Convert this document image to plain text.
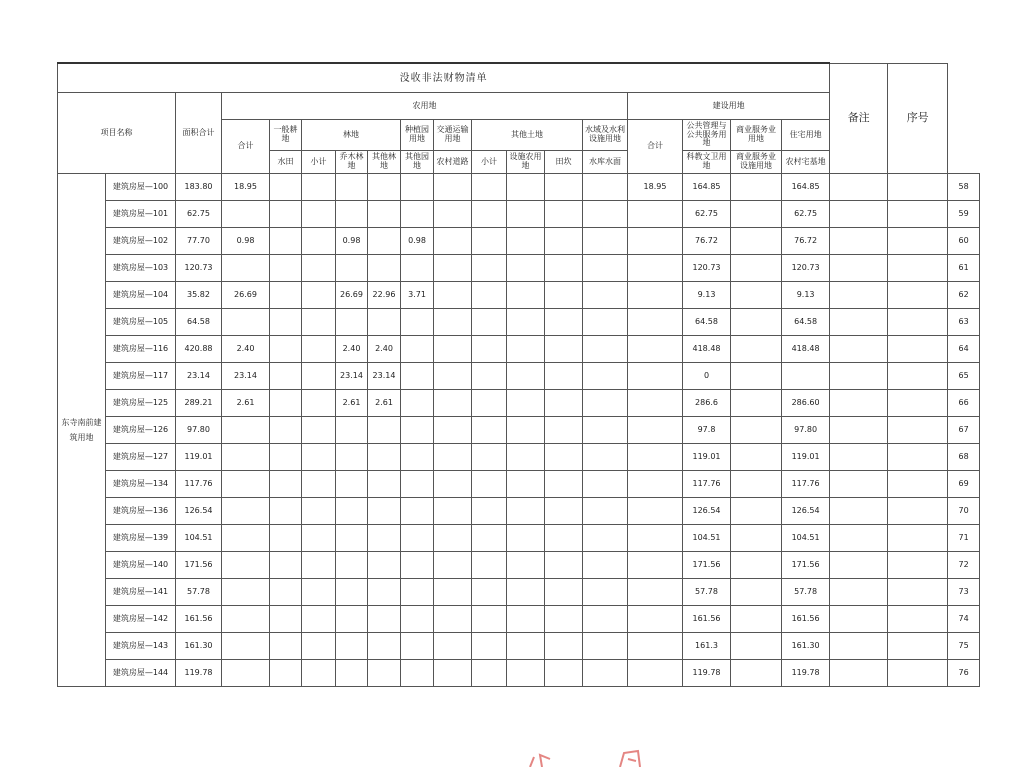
没收非法财物清单																		备注	序号	
项目名称		面积合计	农用地											建设用地						
			合计	一般耕地	林地			种植园用地	交通运输用地	其他土地			水域及水利设施用地	合计	公共管理与公共服务用地	商业服务业用地	住宅用地			
				水田	小计	乔木林地	其他林地	其他园地	农村道路	小计	设施农用地	田坎	水库水面		科教文卫用地	商业服务业设施用地	农村宅基地			
东寺南前建筑用地	建筑房屋—100	183.80	18.95											18.95	164.85		164.85			58
	建筑房屋—101	62.75													62.75		62.75			59
	建筑房屋—102	77.70	0.98			0.98		0.98							76.72		76.72			60
	建筑房屋—103	120.73													120.73		120.73			61
	建筑房屋—104	35.82	26.69			26.69	22.96	3.71							9.13		9.13			62
	建筑房屋—105	64.58													64.58		64.58			63
	建筑房屋—116	420.88	2.40			2.40	2.40								418.48		418.48			64
	建筑房屋—117	23.14	23.14			23.14	23.14								0					65
	建筑房屋—125	289.21	2.61			2.61	2.61								286.6		286.60			66
	建筑房屋—126	97.80													97.8		97.80			67
	建筑房屋—127	119.01													119.01		119.01			68
	建筑房屋—134	117.76													117.76		117.76			69
	建筑房屋—136	126.54													126.54		126.54			70
	建筑房屋—139	104.51													104.51		104.51			71
	建筑房屋—140	171.56													171.56		171.56			72
	建筑房屋—141	57.78													57.78		57.78			73
	建筑房屋—142	161.56													161.56		161.56			74
	建筑房屋—143	161.30													161.3		161.30			75
	建筑房屋—144	119.78													119.78		119.78			76
